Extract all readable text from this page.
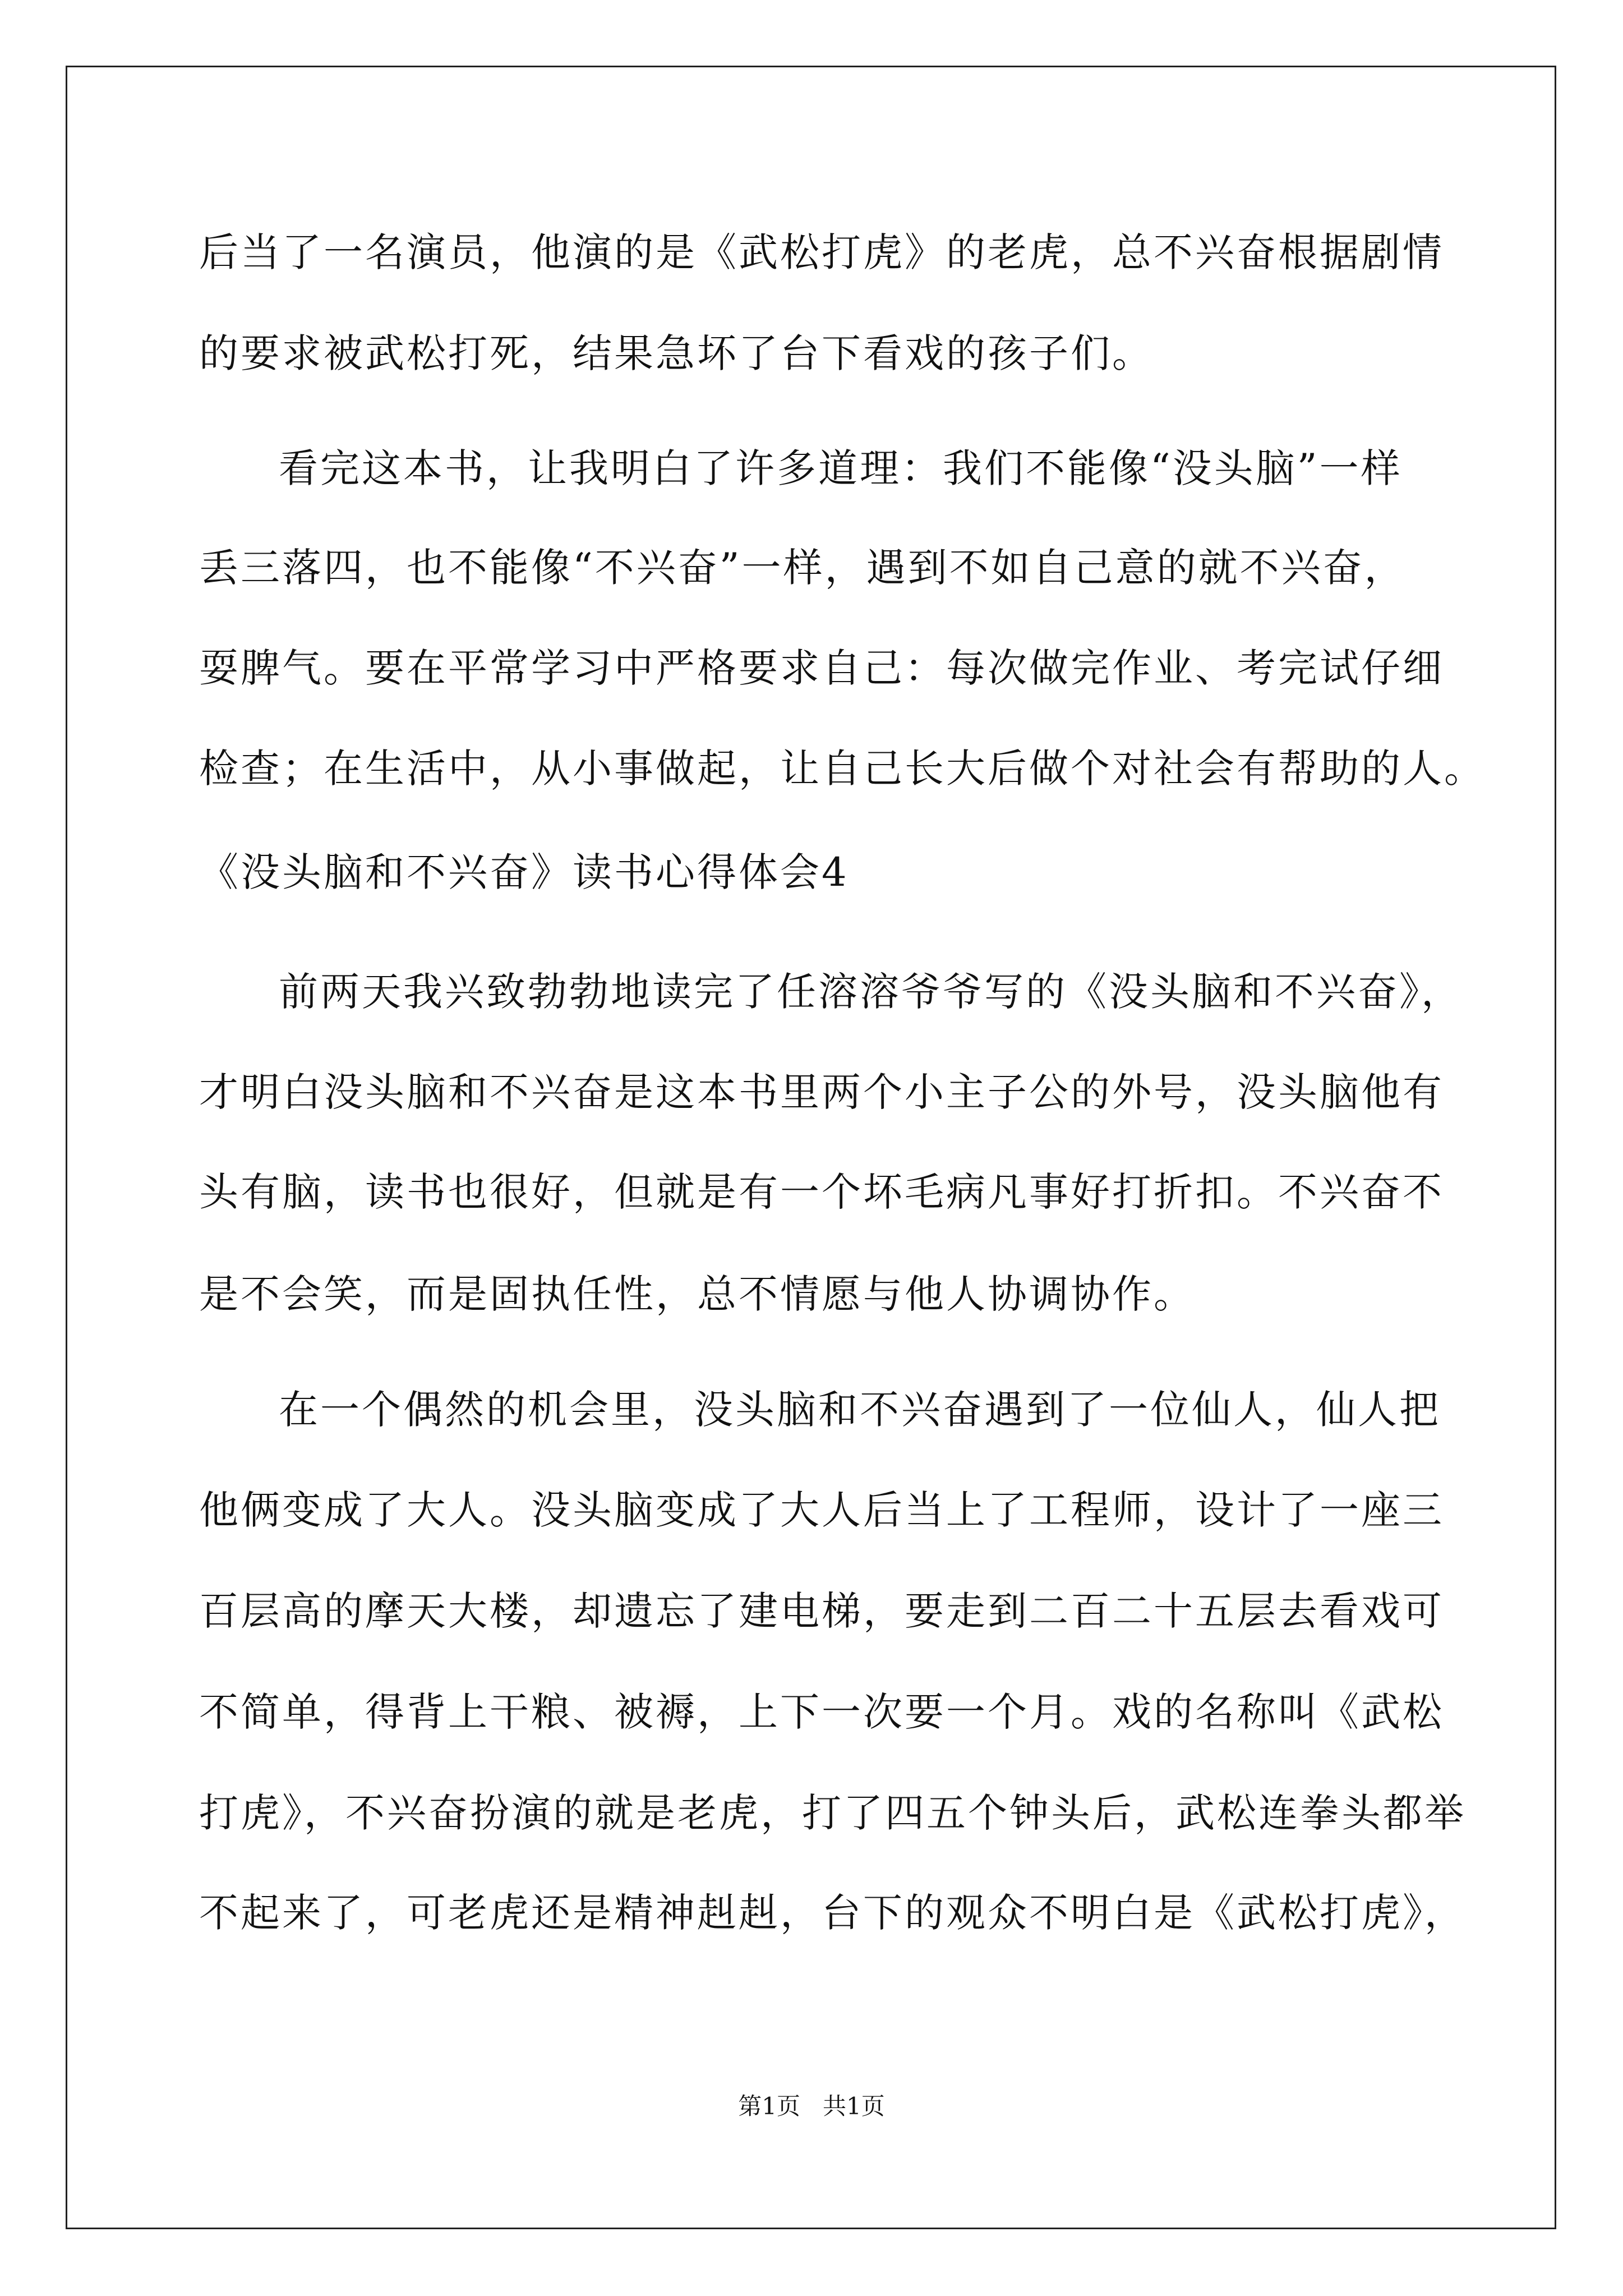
后当了一名演员，他演的是《武松打虎》的老虎，总不兴奋根据剧情
的要求被武松打死，结果急坏了台下看戏的孩子们。
看完这本书，让我明白了许多道理：我们不能像“没头脑”一样
丢三落四，也不能像“不兴奋”一样，遇到不如自己意的就不兴奋，
耍脾气。要在平常学习中严格要求自己：每次做完作业、考完试仔细
检查；在生活中，从小事做起，让自己长大后做个对社会有帮助的人。
《没头脑和不兴奋》读书心得体会4
前两天我兴致勃勃地读完了任溶溶爷爷写的《没头脑和不兴奋》，
才明白没头脑和不兴奋是这本书里两个小主子公的外号，没头脑他有
头有脑，读书也很好，但就是有一个坏毛病凡事好打折扣。不兴奋不
是不会笑，而是固执任性，总不情愿与他人协调协作。
在一个偶然的机会里，没头脑和不兴奋遇到了一位仙人，仙人把
他俩变成了大人。没头脑变成了大人后当上了工程师，设计了一座三
百层高的摩天大楼，却遗忘了建电梯，要走到二百二十五层去看戏可
不简单，得背上干粮、被褥，上下一次要一个月。戏的名称叫《武松
打虎》，不兴奋扮演的就是老虎，打了四五个钟头后，武松连拳头都举
不起来了，可老虎还是精神赳赳，台下的观众不明白是《武松打虎》，
第1页 共1页
